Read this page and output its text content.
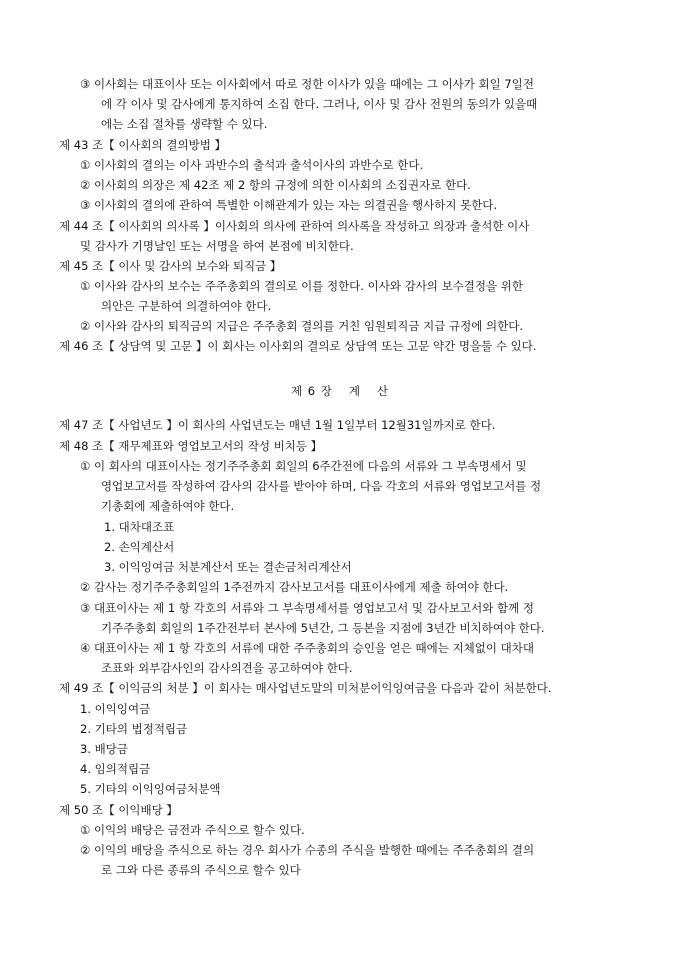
③ 이사회는 대표이사 또는 이사회에서 따로 정한 이사가 있을 때에는 그 이사가 회일 7일전
에 각 이사 및 감사에게 통지하여 소집 한다. 그러나, 이사 및 감사 전원의 동의가 있을때
에는 소집 절차를 생략할 수 있다.
제 43 조【 이사회의 결의방법 】
① 이사회의 결의는 이사 과반수의 출석과 출석이사의 과반수로 한다.
② 이사회의 의장은 제 42조 제 2 항의 규정에 의한 이사회의 소집권자로 한다.
③ 이사회의 결의에 관하여 특별한 이해관계가 있는 자는 의결권을 행사하지 못한다.
제 44 조【 이사회의 의사록 】이사회의 의사에 관하여 의사록을 작성하고 의장과 출석한 이사
및 감사가 기명날인 또는 서명을 하여 본점에 비치한다.
제 45 조【 이사 및 감사의 보수와 퇴직금 】
① 이사와 감사의 보수는 주주총회의 결의로 이를 정한다. 이사와 감사의 보수결정을 위한
의안은 구분하여 의결하여야 한다.
② 이사와 감사의 퇴직금의 지급은 주주총회 결의를 거친 임원퇴직금 지급 규정에 의한다.
제 46 조【 상담역 및 고문 】이 회사는 이사회의 결의로 상담역 또는 고문 약간 명을둘 수 있다.
제 47 조【 사업년도 】이 회사의 사업년도는 매년 1월 1일부터 12월31일까지로 한다.
제 48 조【 재무제표와 영업보고서의 작성 비치등 】
① 이 회사의 대표이사는 정기주주총회 회일의 6주간전에 다음의 서류와 그 부속명세서 및
영업보고서를 작성하여 감사의 감사를 받아야 하며, 다음 각호의 서류와 영업보고서를 정
기총회에 제출하여야 한다.
1. 대차대조표
2. 손익계산서
3. 이익잉여금 처분계산서 또는 결손금처리계산서
② 감사는 정기주주총회일의 1주전까지 감사보고서를 대표이사에게 제출 하여야 한다.
③ 대표이사는 제 1 항 각호의 서류와 그 부속명세서를 영업보고서 및 감사보고서와 함께 정
기주주총회 회일의 1주간전부터 본사에 5년간, 그 등본을 지점에 3년간 비치하여야 한다.
④ 대표이사는 제 1 항 각호의 서류에 대한 주주총회의 승인을 얻은 때에는 지체없이 대차대
조표와 외부감사인의 감사의견을 공고하여야 한다.
제 49 조【 이익금의 처분 】이 회사는 매사업년도말의 미처분이익잉여금을 다음과 같이 처분한다.
1. 이익잉여금
2. 기타의 법정적립금
3. 배당금
4. 임의적립금
5. 기타의 이익잉여금처분액
제 50 조【 이익배당 】
① 이익의 배당은 금전과 주식으로 할수 있다.
② 이익의 배당을 주식으로 하는 경우 회사가 수종의 주식을 발행한 때에는 주주총회의 결의
로 그와 다른 종류의 주식으로 할수 있다
제 6 장 계 산
